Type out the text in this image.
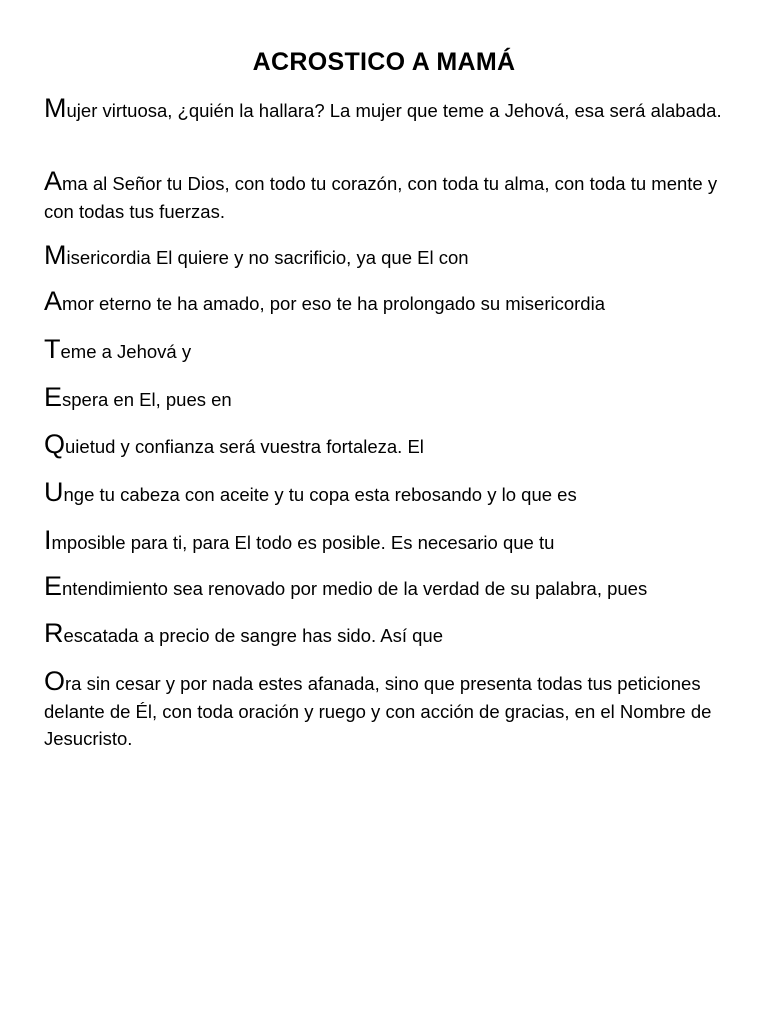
ACROSTICO A MAMÁ
Mujer virtuosa, ¿quién la hallara? La mujer que teme a Jehová, esa será alabada.
Ama al Señor tu Dios, con todo tu corazón, con toda tu alma, con toda tu mente y con todas tus fuerzas.
Misericordia El quiere y no sacrificio, ya que El con
Amor eterno te ha amado, por eso te ha prolongado su misericordia
Teme a Jehová y
Espera en El, pues en
Quietud y confianza será vuestra fortaleza. El
Unge tu cabeza con aceite y tu copa esta rebosando y lo que es
Imposible para ti, para El todo es posible. Es necesario que tu
Entendimiento sea renovado por medio de la verdad de su palabra, pues
Rescatada a precio de sangre has sido. Así que
Ora sin cesar y por nada estes afanada, sino que presenta todas tus peticiones delante de Él, con toda oración y ruego y con acción de gracias, en el Nombre de Jesucristo.
